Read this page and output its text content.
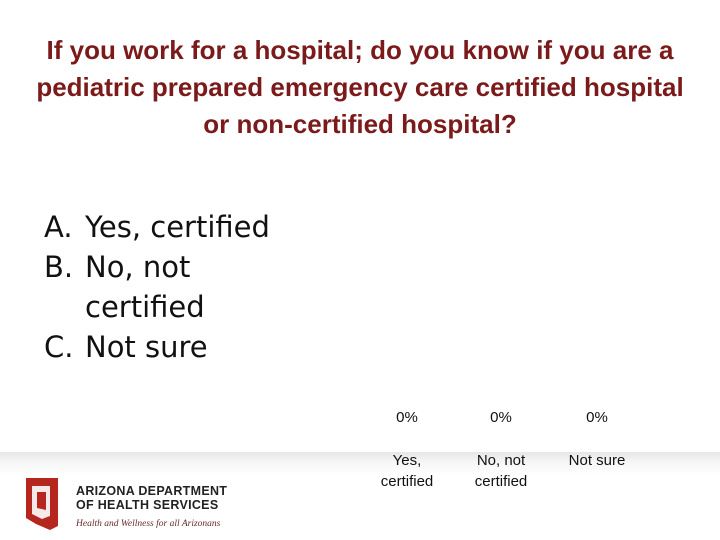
If you work for a hospital; do you know if you are a pediatric prepared emergency care certified hospital or non-certified hospital?
A. Yes, certified
B. No, not certified
C. Not sure
ARIZONA DEPARTMENT
OF HEALTH SERVICES
Health and Wellness for all Arizonans
0%
Yes, certified
0%
No, not certified
0%
Not sure
